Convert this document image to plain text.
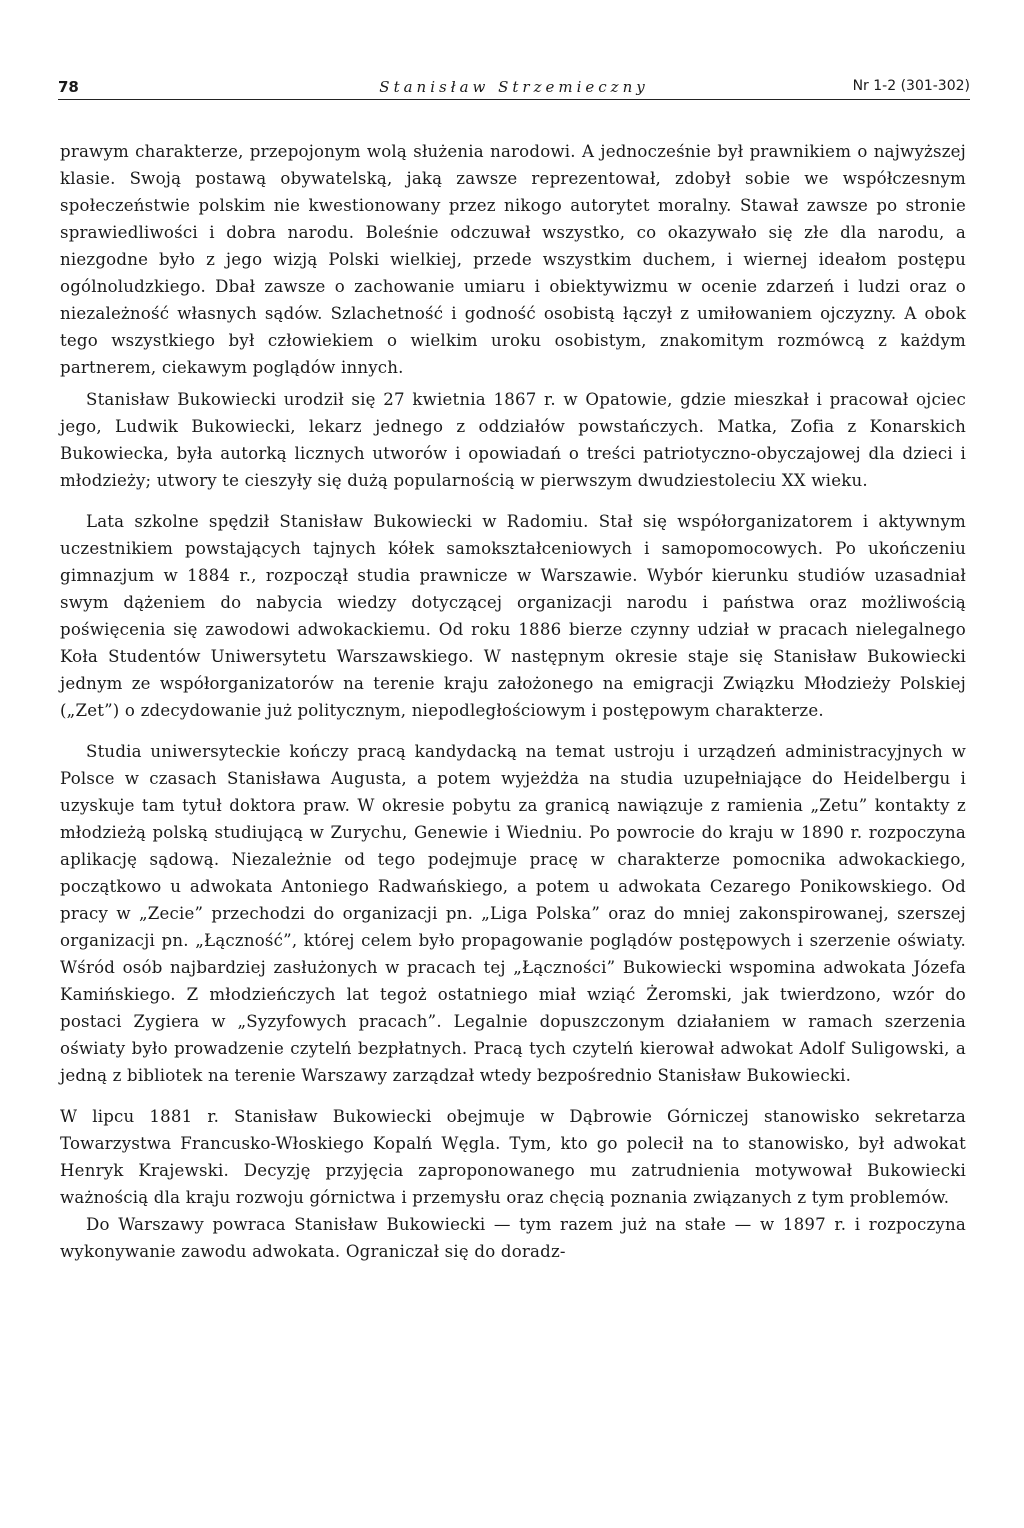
78	Stanisław Strzemieczny	Nr 1-2 (301-302)

prawym charakterze, przepojonym wolą służenia narodowi. A jednocześnie był prawnikiem o najwyższej klasie. Swoją postawą obywatelską, jaką zawsze reprezentował, zdobył sobie we współczesnym społeczeństwie polskim nie kwestionowany przez nikogo autorytet moralny. Stawał zawsze po stronie sprawiedliwości i dobra narodu. Boleśnie odczuwał wszystko, co okazywało się złe dla narodu, a niezgodne było z jego wizją Polski wielkiej, przede wszystkim duchem, i wiernej ideałom postępu ogólnoludzkiego. Dbał zawsze o zachowanie umiaru i obiektywizmu w ocenie zdarzeń i ludzi oraz o niezależność własnych sądów. Szlachetność i godność osobistą łączył z umiłowaniem ojczyzny. A obok tego wszystkiego był człowiekiem o wielkim uroku osobistym, znakomitym rozmówcą z każdym partnerem, ciekawym poglądów innych.

Stanisław Bukowiecki urodził się 27 kwietnia 1867 r. w Opatowie, gdzie mieszkał i pracował ojciec jego, Ludwik Bukowiecki, lekarz jednego z oddziałów powstańczych. Matka, Zofia z Konarskich Bukowiecka, była autorką licznych utworów i opowiadań o treści patriotyczno-obyczajowej dla dzieci i młodzieży; utwory te cieszyły się dużą popularnością w pierwszym dwudziestoleciu XX wieku.

Lata szkolne spędził Stanisław Bukowiecki w Radomiu. Stał się współorganizatorem i aktywnym uczestnikiem powstających tajnych kółek samokształceniowych i samopomocowych. Po ukończeniu gimnazjum w 1884 r., rozpoczął studia prawnicze w Warszawie. Wybór kierunku studiów uzasadniał swym dążeniem do nabycia wiedzy dotyczącej organizacji narodu i państwa oraz możliwością poświęcenia się zawodowi adwokackiemu. Od roku 1886 bierze czynny udział w pracach nielegalnego Koła Studentów Uniwersytetu Warszawskiego. W następnym okresie staje się Stanisław Bukowiecki jednym ze współorganizatorów na terenie kraju założonego na emigracji Związku Młodzieży Polskiej („Zet”) o zdecydowanie już politycznym, niepodległościowym i postępowym charakterze.

Studia uniwersyteckie kończy pracą kandydacką na temat ustroju i urządzeń administracyjnych w Polsce w czasach Stanisława Augusta, a potem wyjeżdża na studia uzupełniające do Heidelbergu i uzyskuje tam tytuł doktora praw. W okresie pobytu za granicą nawiązuje z ramienia „Zetu” kontakty z młodzieżą polską studiującą w Zurychu, Genewie i Wiedniu. Po powrocie do kraju w 1890 r. rozpoczyna aplikację sądową. Niezależnie od tego podejmuje pracę w charakterze pomocnika adwokackiego, początkowo u adwokata Antoniego Radwańskiego, a potem u adwokata Cezarego Ponikowskiego. Od pracy w „Zecie” przechodzi do organizacji pn. „Liga Polska” oraz do mniej zakonspirowanej, szerszej organizacji pn. „Łączność”, której celem było propagowanie poglądów postępowych i szerzenie oświaty. Wśród osób najbardziej zasłużonych w pracach tej „Łączności” Bukowiecki wspomina adwokata Józefa Kamińskiego. Z młodzieńczych lat tegoż ostatniego miał wziąć Żeromski, jak twierdzono, wzór do postaci Zygiera w „Syzyfowych pracach”. Legalnie dopuszczonym działaniem w ramach szerzenia oświaty było prowadzenie czytelń bezpłatnych. Pracą tych czytelń kierował adwokat Adolf Suligowski, a jedną z bibliotek na terenie Warszawy zarządzał wtedy bezpośrednio Stanisław Bukowiecki.

W lipcu 1881 r. Stanisław Bukowiecki obejmuje w Dąbrowie Górniczej stanowisko sekretarza Towarzystwa Francusko-Włoskiego Kopalń Węgla. Tym, kto go polecił na to stanowisko, był adwokat Henryk Krajewski. Decyzję przyjęcia zaproponowanego mu zatrudnienia motywował Bukowiecki ważnością dla kraju rozwoju górnictwa i przemysłu oraz chęcią poznania związanych z tym problemów.

Do Warszawy powraca Stanisław Bukowiecki — tym razem już na stałe — w 1897 r. i rozpoczyna wykonywanie zawodu adwokata. Ograniczał się do doradz-
